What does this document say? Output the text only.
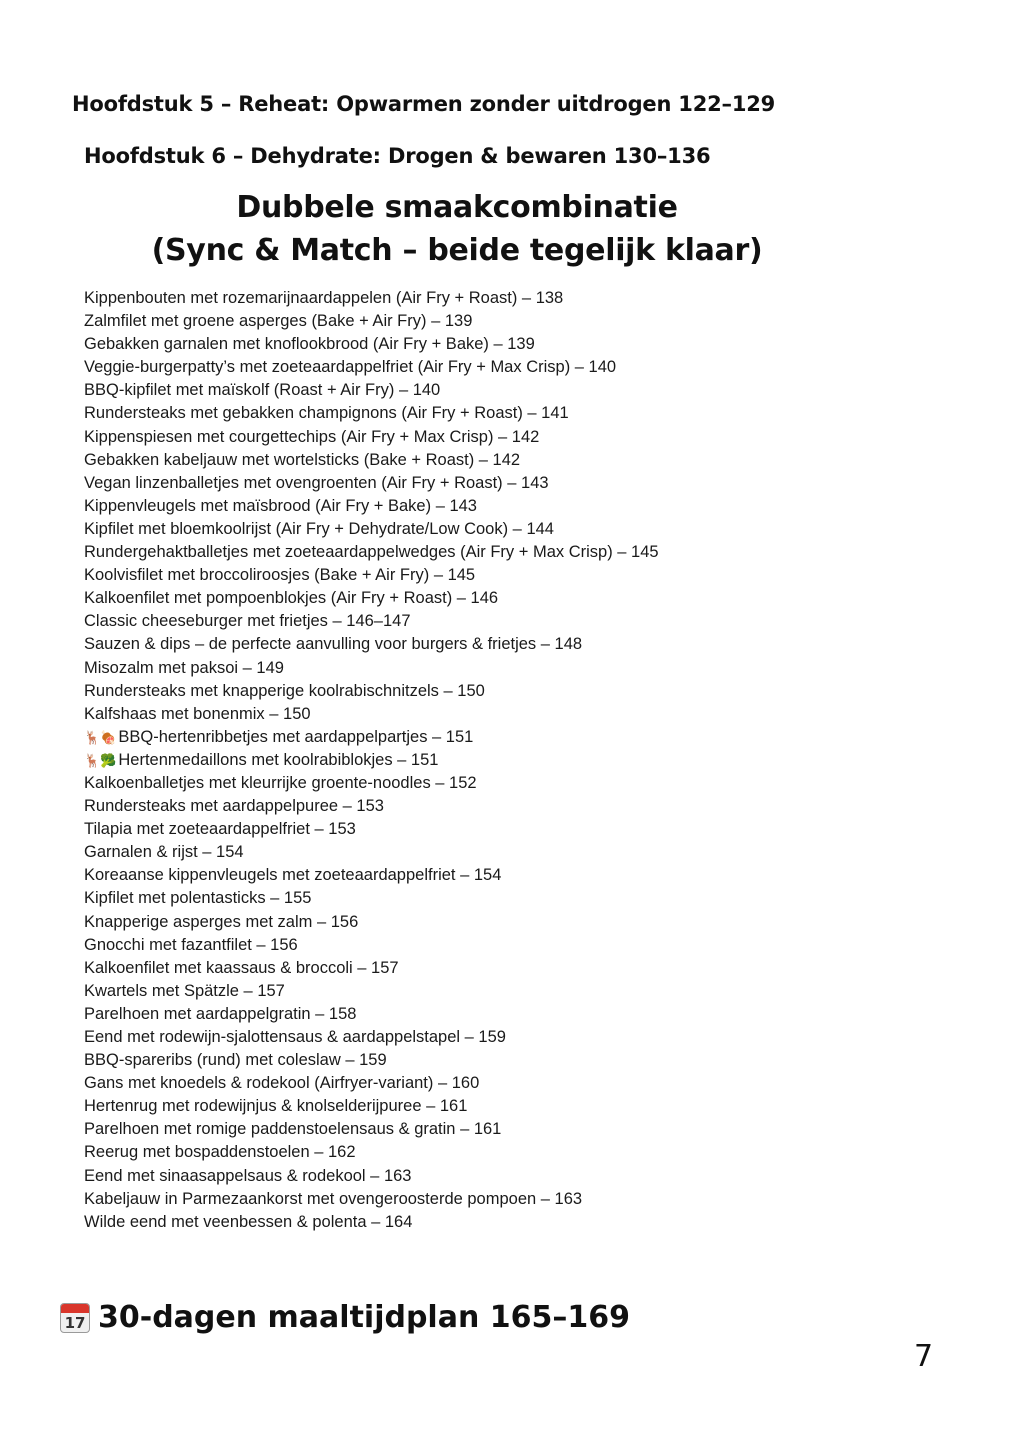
Hoofdstuk 5 – Reheat: Opwarmen zonder uitdrogen 122–129
Hoofdstuk 6 – Dehydrate: Drogen & bewaren 130–136
Dubbele smaakcombinatie
(Sync & Match – beide tegelijk klaar)
Kippenbouten met rozemarijnaardappelen (Air Fry + Roast) – 138
Zalmfilet met groene asperges (Bake + Air Fry) – 139
Gebakken garnalen met knoflookbrood (Air Fry + Bake) – 139
Veggie-burgerpatty’s met zoeteaardappelfriet (Air Fry + Max Crisp) – 140
BBQ-kipfilet met maïskolf (Roast + Air Fry) – 140
Rundersteaks met gebakken champignons (Air Fry + Roast) – 141
Kippenspiesen met courgettechips (Air Fry + Max Crisp) – 142
Gebakken kabeljauw met wortelsticks (Bake + Roast) – 142
Vegan linzenballetjes met ovengroenten (Air Fry + Roast) – 143
Kippenvleugels met maïsbrood (Air Fry + Bake) – 143
Kipfilet met bloemkoolrijst (Air Fry + Dehydrate/Low Cook) – 144
Rundergehaktballetjes met zoeteaardappelwedges (Air Fry + Max Crisp) – 145
Koolvisfilet met broccoliroosjes (Bake + Air Fry) – 145
Kalkoenfilet met pompoenblokjes (Air Fry + Roast) – 146
Classic cheeseburger met frietjes – 146–147
Sauzen & dips – de perfecte aanvulling voor burgers & frietjes – 148
Misozalm met paksoi – 149
Rundersteaks met knapperige koolrabischnitzels – 150
Kalfshaas met bonenmix – 150
🦌🍖 BBQ-hertenribbetjes met aardappelpartjes – 151
🦌🥦 Hertenmedaillons met koolrabiblokjes – 151
Kalkoenballetjes met kleurrijke groente-noodles – 152
Rundersteaks met aardappelpuree – 153
Tilapia met zoeteaardappelfriet – 153
Garnalen & rijst – 154
Koreaanse kippenvleugels met zoeteaardappelfriet – 154
Kipfilet met polentasticks – 155
Knapperige asperges met zalm – 156
Gnocchi met fazantfilet – 156
Kalkoenfilet met kaassaus & broccoli – 157
Kwartels met Spätzle – 157
Parelhoen met aardappelgratin – 158
Eend met rodewijn-sjalottensaus & aardappelstapel – 159
BBQ-spareribs (rund) met coleslaw – 159
Gans met knoedels & rodekool (Airfryer-variant) – 160
Hertenrug met rodewijnjus & knolselderijpuree – 161
Parelhoen met romige paddenstoelensaus & gratin – 161
Reerug met bospaddenstoelen – 162
Eend met sinaasappelsaus & rodekool – 163
Kabeljauw in Parmezaankorst met ovengeroosterde pompoen – 163
Wilde eend met veenbessen & polenta – 164
17 30-dagen maaltijdplan 165–169
7
